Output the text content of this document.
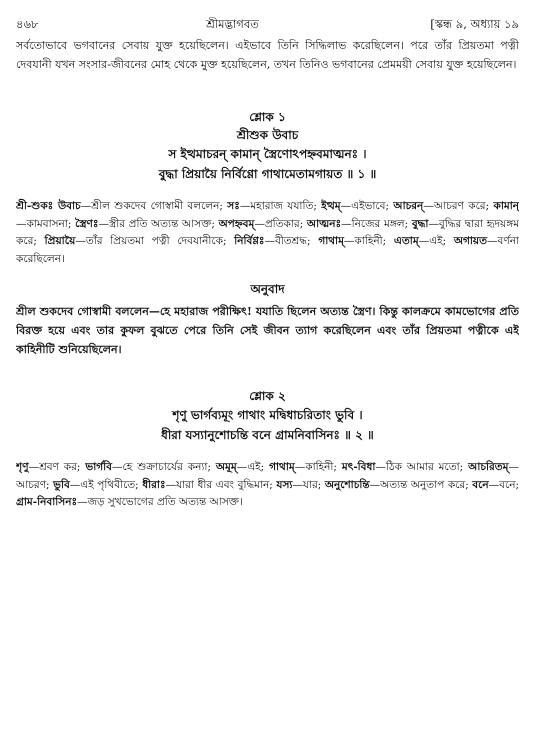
৪৬৮	শ্রীমদ্ভাগবত	[স্কন্ধ ৯, অধ্যায় ১৯

সর্বতোভাবে ভগবানের সেবায় যুক্ত হয়েছিলেন। এইভাবে তিনি সিদ্ধিলাভ করেছিলেন। পরে তাঁর প্রিয়তমা পত্নী দেবযানী যখন সংসার-জীবনের মোহ থেকে মুক্ত হয়েছিলেন, তখন তিনিও ভগবানের প্রেমময়ী সেবায় যুক্ত হয়েছিলেন।

শ্লোক ১
শ্রীশুক উবাচ
স ইত্থমাচরন্ কামান্ স্ত্রৈণোঽপহ্নবমাত্মনঃ ।
বুদ্ধা প্রিয়ায়ৈ নির্বিণ্ণো গাথামেতামগায়ত ॥ ১ ॥

শ্রী-শুকঃ উবাচ—শ্রীল শুকদেব গোস্বামী বললেন; সঃ—মহারাজ যযাতি; ইত্থম্—এইভাবে; আচরন্—আচরণ করে; কামান্—কামবাসনা; স্ত্রৈণঃ—স্ত্রীর প্রতি অত্যন্ত আসক্ত; অপহ্নবম্—প্রতিকার; আত্মনঃ—নিজের মঙ্গল; বুদ্ধা—বুদ্ধির দ্বারা হৃদয়ঙ্গম করে; প্রিয়ায়ৈ—তাঁর প্রিয়তমা পত্নী দেবযানীকে; নির্বিণ্ণঃ—বীতশ্রদ্ধ; গাথাম্—কাহিনী; এতাম্—এই; অগায়ত—বর্ণনা করেছিলেন।

অনুবাদ

শ্রীল শুকদেব গোস্বামী বললেন—হে মহারাজ পরীক্ষিৎ! যযাতি ছিলেন অত্যন্ত স্ত্রৈণ। কিন্তু কালক্রমে কামভোগের প্রতি বিরক্ত হয়ে এবং তার কুফল বুঝতে পেরে তিনি সেই জীবন ত্যাগ করেছিলেন এবং তাঁর প্রিয়তমা পত্নীকে এই কাহিনীটি শুনিয়েছিলেন।

শ্লোক ২
শৃণু ভার্গব্যমূং গাথাং মদ্বিধাচরিতাং ভুবি ।
ধীরা যস্যানুশোচন্তি বনে গ্রামনিবাসিনঃ ॥ ২ ॥

শৃণু—শ্রবণ কর; ভার্গবি—হে শুক্রাচার্যের কন্যা; অমূম্—এই; গাথাম্—কাহিনী; মৎ-বিধা—ঠিক আমার মতো; আচরিতম্—আচরণ; ভুবি—এই পৃথিবীতে; ধীরাঃ—যারা ধীর এবং বুদ্ধিমান; যস্য—যার; অনুশোচন্তি—অত্যন্ত অনুতাপ করে; বনে—বনে; গ্রাম-নিবাসিনঃ—জড় সুখভোগের প্রতি অত্যন্ত আসক্ত।
